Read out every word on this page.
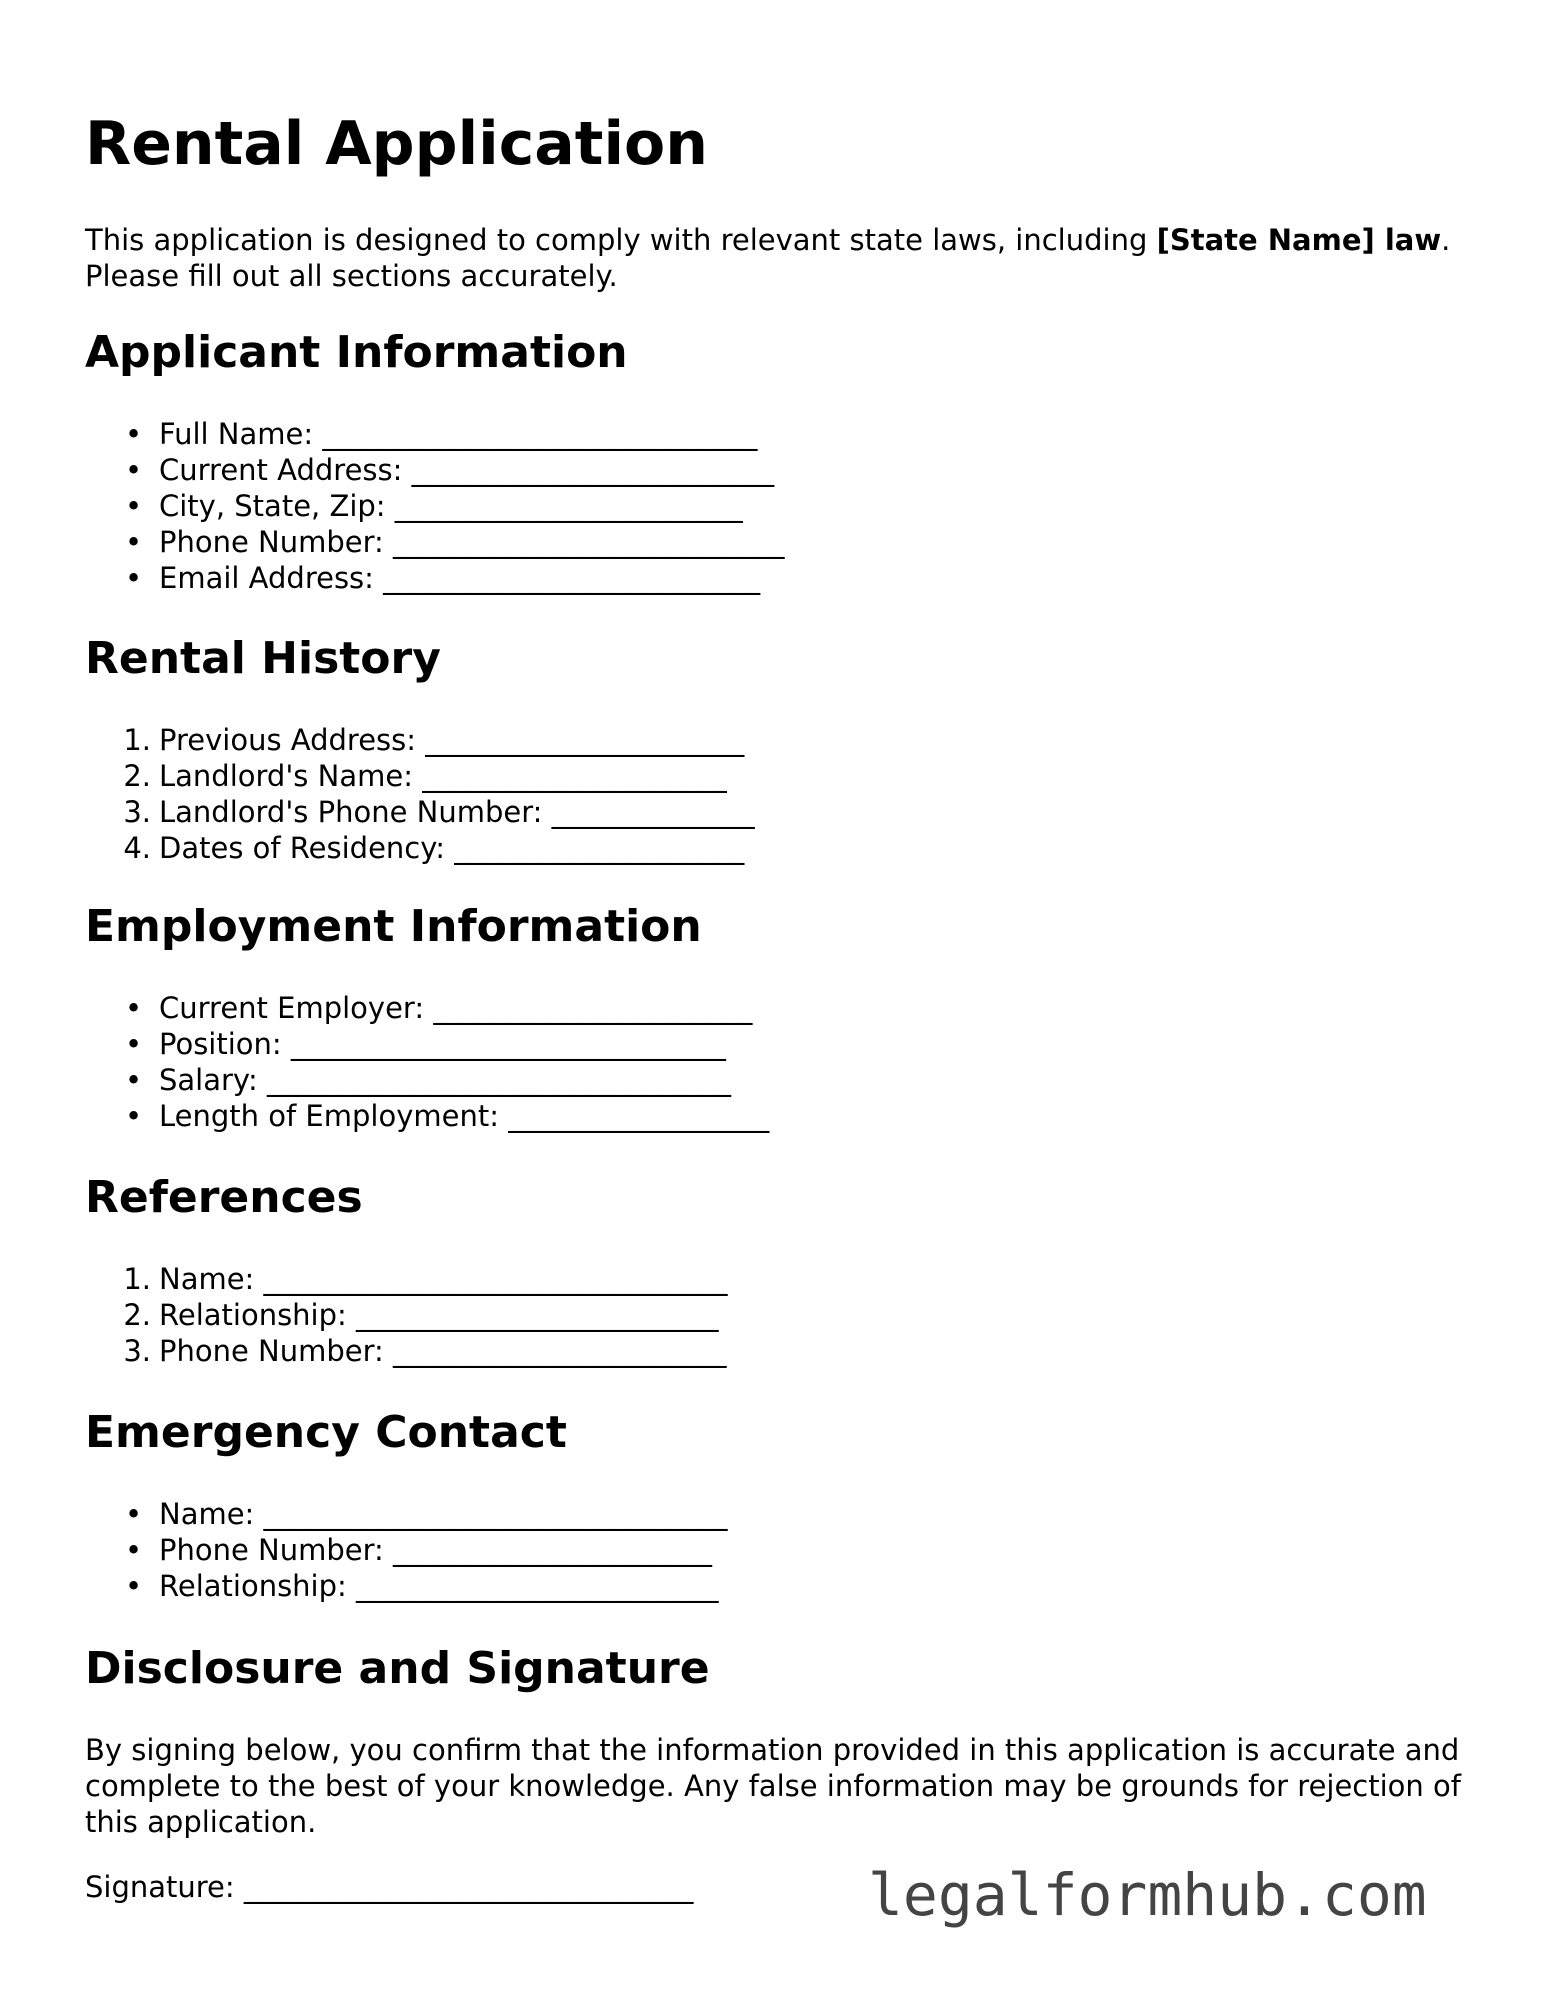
Rental Application

This application is designed to comply with relevant state laws, including [State Name] law. Please fill out all sections accurately.

Applicant Information
• Full Name: ______________________________
• Current Address: _________________________
• City, State, Zip: ________________________
• Phone Number: ___________________________
• Email Address: __________________________
Rental History
1. Previous Address: ______________________
2. Landlord's Name: _____________________
3. Landlord's Phone Number: ______________
4. Dates of Residency: ____________________
Employment Information
• Current Employer: ______________________
• Position: ______________________________
• Salary: ________________________________
• Length of Employment: __________________
References
1. Name: ________________________________
2. Relationship: _________________________
3. Phone Number: _______________________
Emergency Contact
• Name: ________________________________
• Phone Number: ______________________
• Relationship: _________________________
Disclosure and Signature

By signing below, you confirm that the information provided in this application is accurate and complete to the best of your knowledge. Any false information may be grounds for rejection of this application.

Signature: _______________________________	legalformhub.com
